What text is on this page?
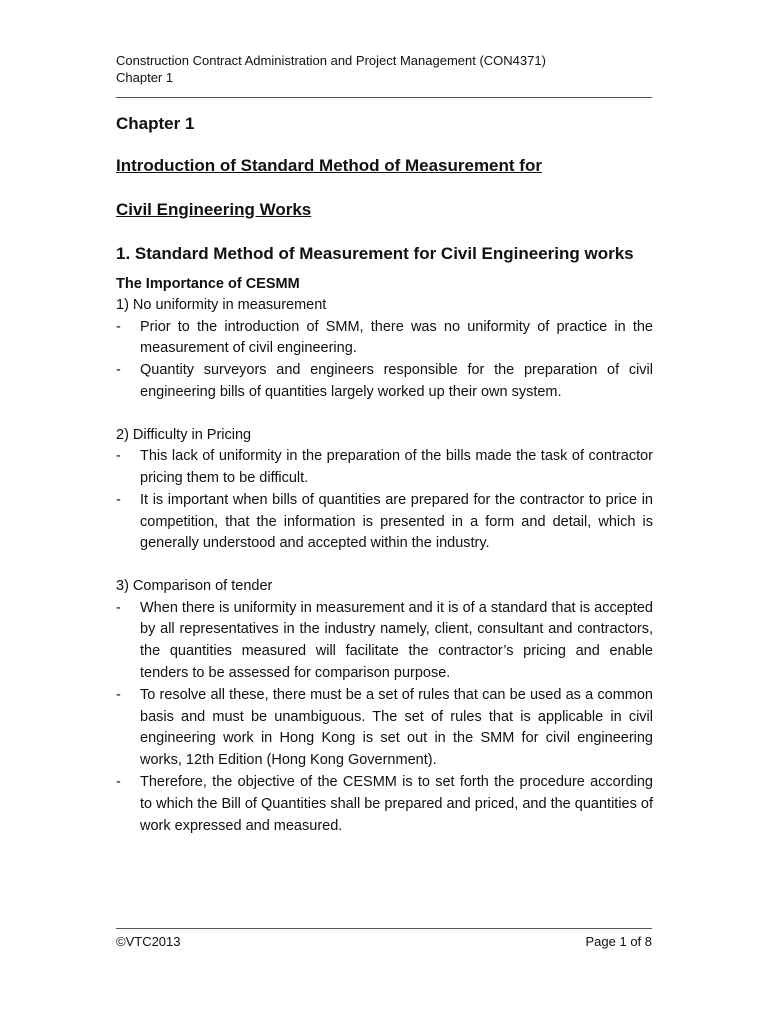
Construction Contract Administration and Project Management (CON4371)
Chapter 1
Chapter 1
Introduction of Standard Method of Measurement for
Civil Engineering Works
1. Standard Method of Measurement for Civil Engineering works
The Importance of CESMM
1) No uniformity in measurement
- Prior to the introduction of SMM, there was no uniformity of practice in the measurement of civil engineering.
- Quantity surveyors and engineers responsible for the preparation of civil engineering bills of quantities largely worked up their own system.
2) Difficulty in Pricing
- This lack of uniformity in the preparation of the bills made the task of contractor pricing them to be difficult.
- It is important when bills of quantities are prepared for the contractor to price in competition, that the information is presented in a form and detail, which is generally understood and accepted within the industry.
3) Comparison of tender
- When there is uniformity in measurement and it is of a standard that is accepted by all representatives in the industry namely, client, consultant and contractors, the quantities measured will facilitate the contractor’s pricing and enable tenders to be assessed for comparison purpose.
- To resolve all these, there must be a set of rules that can be used as a common basis and must be unambiguous. The set of rules that is applicable in civil engineering work in Hong Kong is set out in the SMM for civil engineering works, 12th Edition (Hong Kong Government).
- Therefore, the objective of the CESMM is to set forth the procedure according to which the Bill of Quantities shall be prepared and priced, and the quantities of work expressed and measured.
©VTC2013	Page 1 of 8
